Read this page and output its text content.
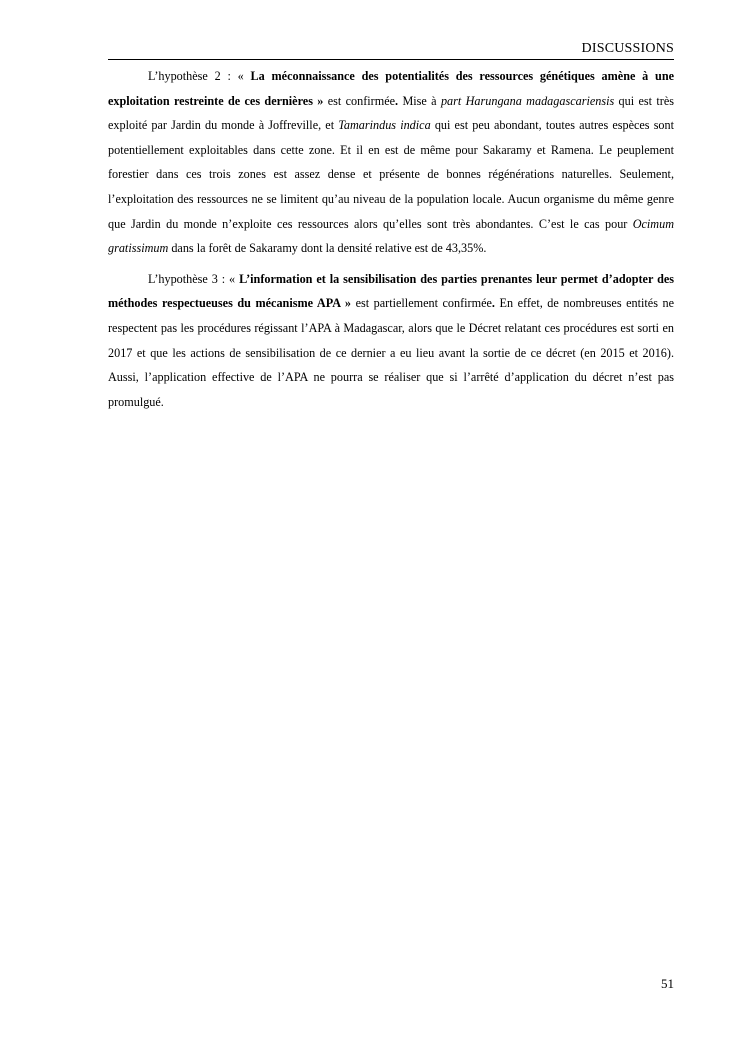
DISCUSSIONS

L’hypothèse 2 : « La méconnaissance des potentialités des ressources génétiques amène à une exploitation restreinte de ces dernières » est confirmée. Mise à part Harungana madagascariensis qui est très exploité par Jardin du monde à Joffreville, et Tamarindus indica qui est peu abondant, toutes autres espèces sont potentiellement exploitables dans cette zone. Et il en est de même pour Sakaramy et Ramena. Le peuplement forestier dans ces trois zones est assez dense et présente de bonnes régénérations naturelles. Seulement, l’exploitation des ressources ne se limitent qu’au niveau de la population locale. Aucun organisme du même genre que Jardin du monde n’exploite ces ressources alors qu’elles sont très abondantes. C’est le cas pour Ocimum gratissimum dans la forêt de Sakaramy dont la densité relative est de 43,35%.

L’hypothèse 3 : « L’information et la sensibilisation des parties prenantes leur permet d’adopter des méthodes respectueuses du mécanisme APA » est partiellement confirmée. En effet, de nombreuses entités ne respectent pas les procédures régissant l’APA à Madagascar, alors que le Décret relatant ces procédures est sorti en 2017 et que les actions de sensibilisation de ce dernier a eu lieu avant la sortie de ce décret (en 2015 et 2016). Aussi, l’application effective de l’APA ne pourra se réaliser que si l’arrêté d’application du décret n’est pas promulgué.

51
